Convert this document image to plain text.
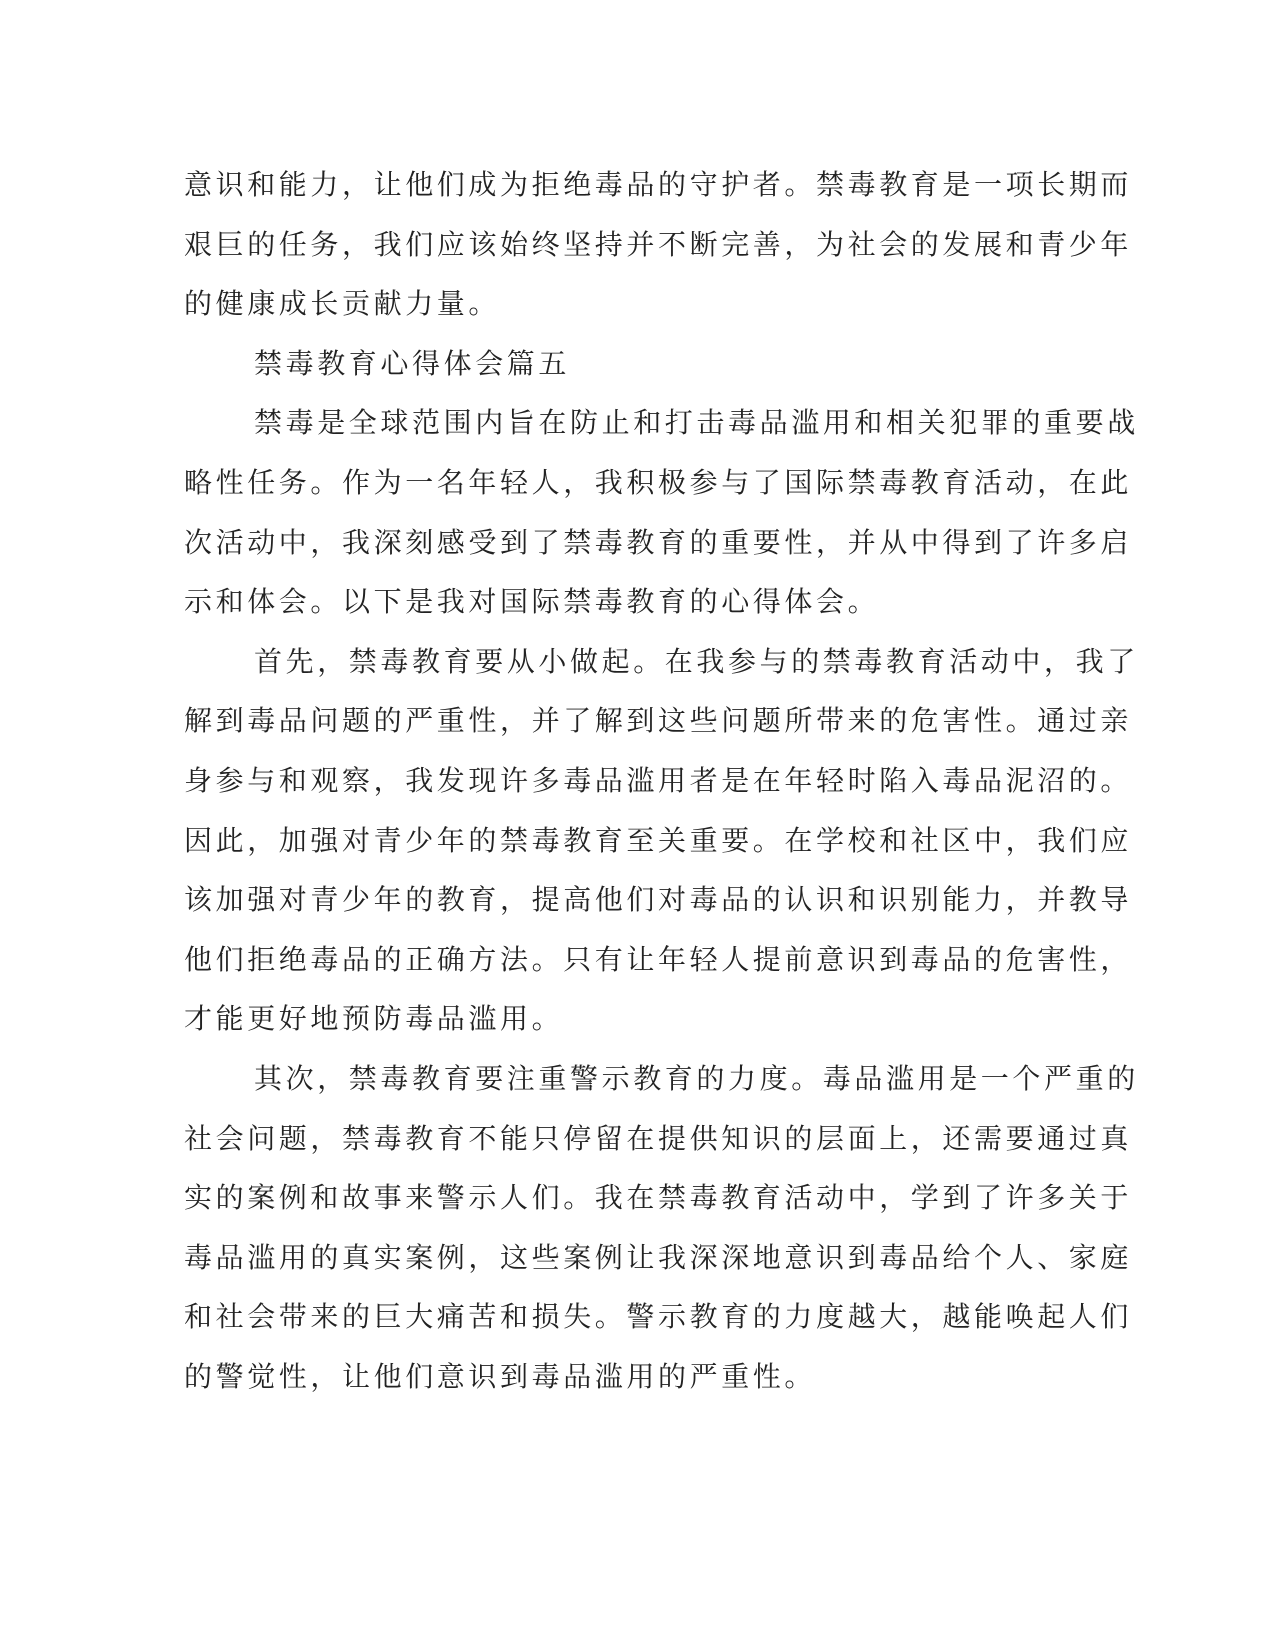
意识和能力，让他们成为拒绝毒品的守护者。禁毒教育是一项长期而
艰巨的任务，我们应该始终坚持并不断完善，为社会的发展和青少年
的健康成长贡献力量。
禁毒教育心得体会篇五
禁毒是全球范围内旨在防止和打击毒品滥用和相关犯罪的重要战
略性任务。作为一名年轻人，我积极参与了国际禁毒教育活动，在此
次活动中，我深刻感受到了禁毒教育的重要性，并从中得到了许多启
示和体会。以下是我对国际禁毒教育的心得体会。
首先，禁毒教育要从小做起。在我参与的禁毒教育活动中，我了
解到毒品问题的严重性，并了解到这些问题所带来的危害性。通过亲
身参与和观察，我发现许多毒品滥用者是在年轻时陷入毒品泥沼的。
因此，加强对青少年的禁毒教育至关重要。在学校和社区中，我们应
该加强对青少年的教育，提高他们对毒品的认识和识别能力，并教导
他们拒绝毒品的正确方法。只有让年轻人提前意识到毒品的危害性，
才能更好地预防毒品滥用。
其次，禁毒教育要注重警示教育的力度。毒品滥用是一个严重的
社会问题，禁毒教育不能只停留在提供知识的层面上，还需要通过真
实的案例和故事来警示人们。我在禁毒教育活动中，学到了许多关于
毒品滥用的真实案例，这些案例让我深深地意识到毒品给个人、家庭
和社会带来的巨大痛苦和损失。警示教育的力度越大，越能唤起人们
的警觉性，让他们意识到毒品滥用的严重性。
